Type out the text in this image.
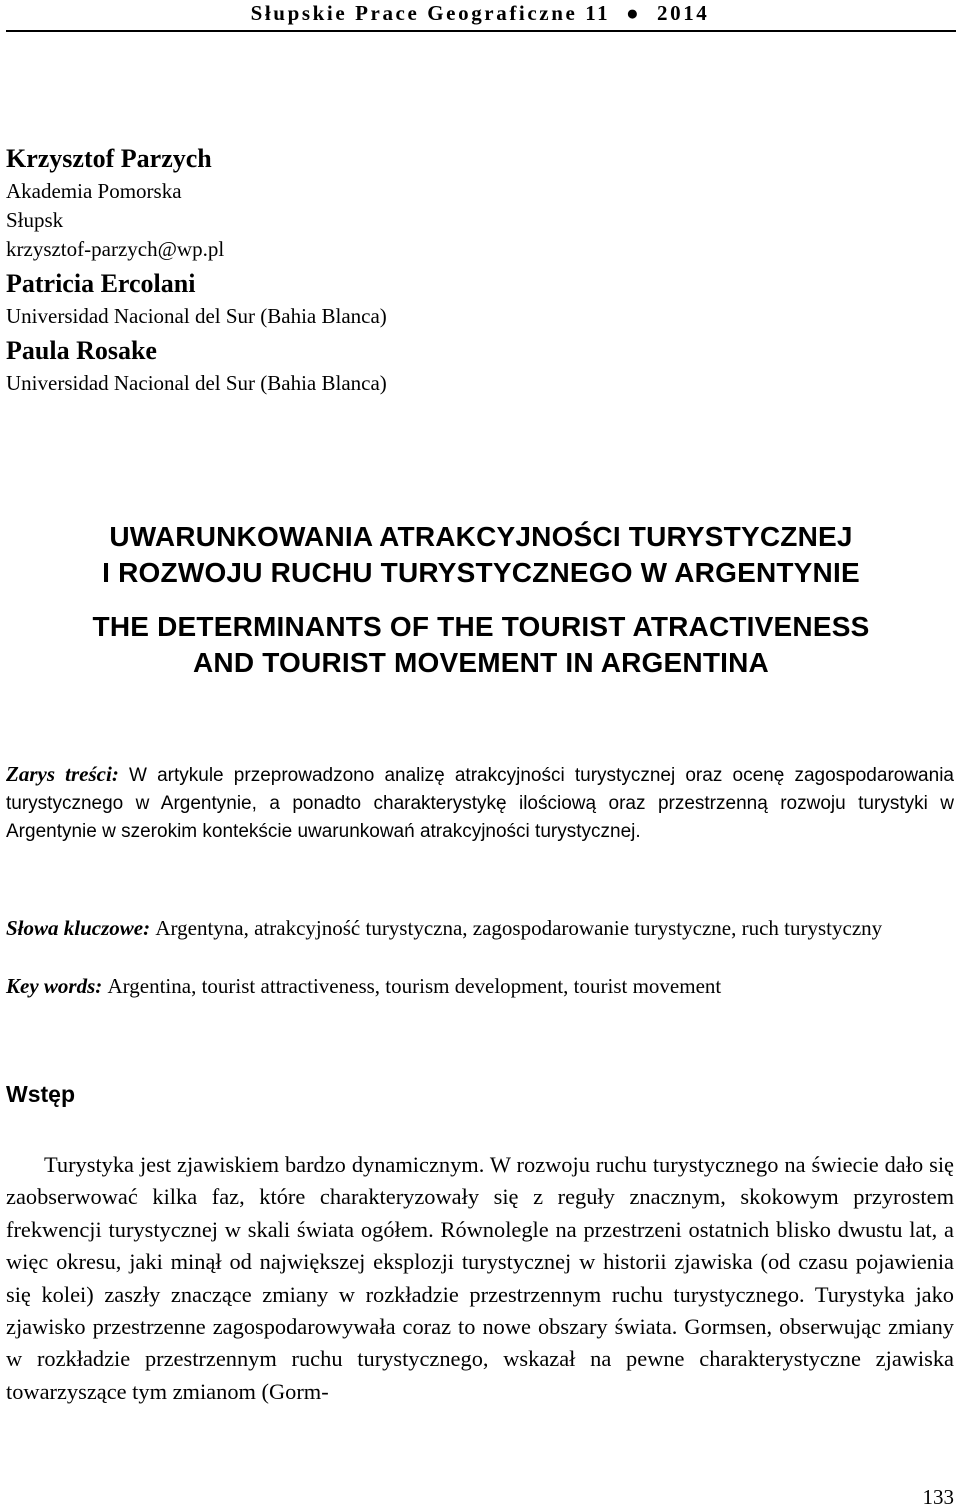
Słupskie Prace Geograficzne 11  ●  2014

Krzysztof Parzych

Akademia Pomorska

Słupsk

krzysztof-parzych@wp.pl

Patricia Ercolani

Universidad Nacional del Sur (Bahia Blanca)

Paula Rosake

Universidad Nacional del Sur (Bahia Blanca)

UWARUNKOWANIA ATRAKCYJNOŚCI TURYSTYCZNEJ
I ROZWOJU RUCHU TURYSTYCZNEGO W ARGENTYNIE

THE DETERMINANTS OF THE TOURIST ATRACTIVENESS
AND TOURIST MOVEMENT IN ARGENTINA

Zarys treści: W artykule przeprowadzono analizę atrakcyjności turystycznej oraz ocenę zagospodarowania turystycznego w Argentynie, a ponadto charakterystykę ilościową oraz przestrzenną rozwoju turystyki w Argentynie w szerokim kontekście uwarunkowań atrakcyjności turystycznej.

Słowa kluczowe: Argentyna, atrakcyjność turystyczna, zagospodarowanie turystyczne, ruch turystyczny

Key words: Argentina, tourist attractiveness, tourism development, tourist movement

Wstęp

Turystyka jest zjawiskiem bardzo dynamicznym. W rozwoju ruchu turystycznego na świecie dało się zaobserwować kilka faz, które charakteryzowały się z reguły znacznym, skokowym przyrostem frekwencji turystycznej w skali świata ogółem. Równolegle na przestrzeni ostatnich blisko dwustu lat, a więc okresu, jaki minął od największej eksplozji turystycznej w historii zjawiska (od czasu pojawienia się kolei) zaszły znaczące zmiany w rozkładzie przestrzennym ruchu turystycznego. Turystyka jako zjawisko przestrzenne zagospodarowywała coraz to nowe obszary świata. Gormsen, obserwując zmiany w rozkładzie przestrzennym ruchu turystycznego, wskazał na pewne charakterystyczne zjawiska towarzyszące tym zmianom (Gorm-

133
